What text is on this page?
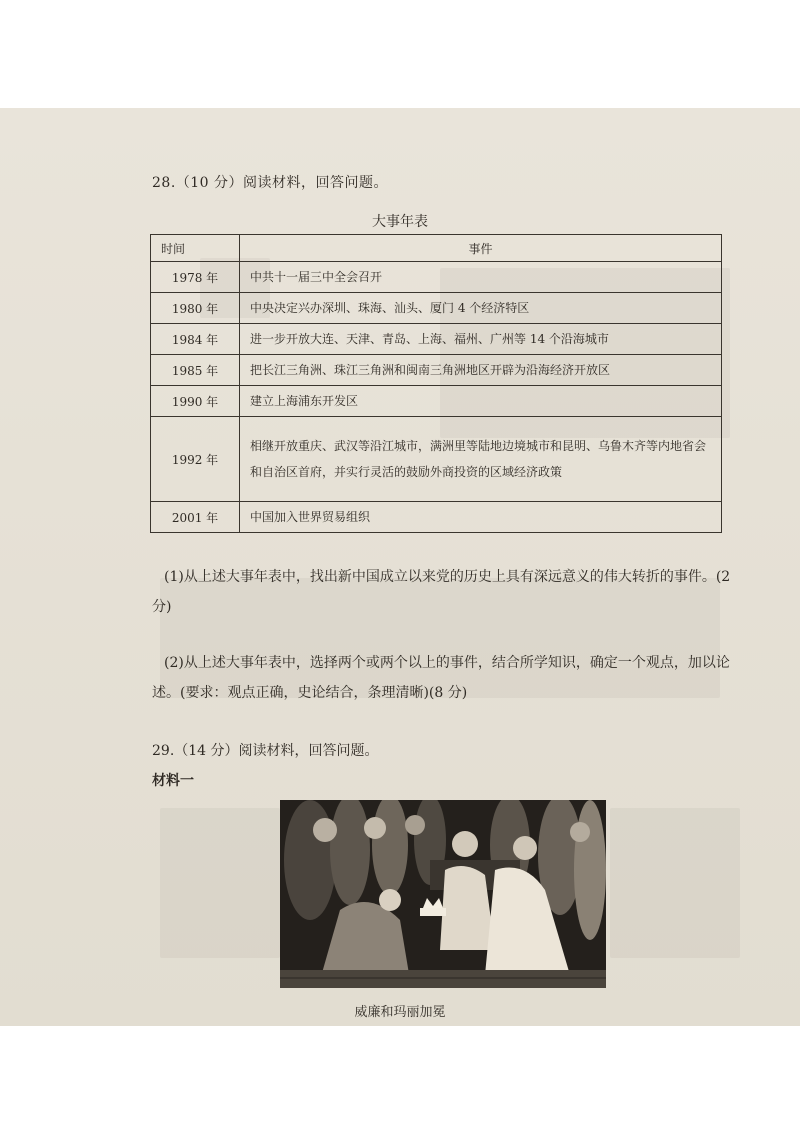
28.（10 分）阅读材料，回答问题。
大事年表
时间	事件
1978 年	中共十一届三中全会召开
1980 年	中央决定兴办深圳、珠海、汕头、厦门 4 个经济特区
1984 年	进一步开放大连、天津、青岛、上海、福州、广州等 14 个沿海城市
1985 年	把长江三角洲、珠江三角洲和闽南三角洲地区开辟为沿海经济开放区
1990 年	建立上海浦东开发区
1992 年	相继开放重庆、武汉等沿江城市，满洲里等陆地边境城市和昆明、乌鲁木齐等内地省会和自治区首府，并实行灵活的鼓励外商投资的区域经济政策
2001 年	中国加入世界贸易组织
(1)从上述大事年表中，找出新中国成立以来党的历史上具有深远意义的伟大转折的事件。(2 分)
(2)从上述大事年表中，选择两个或两个以上的事件，结合所学知识，确定一个观点，加以论述。(要求：观点正确，史论结合，条理清晰)(8 分)
29.（14 分）阅读材料，回答问题。
材料一
威廉和玛丽加冕
